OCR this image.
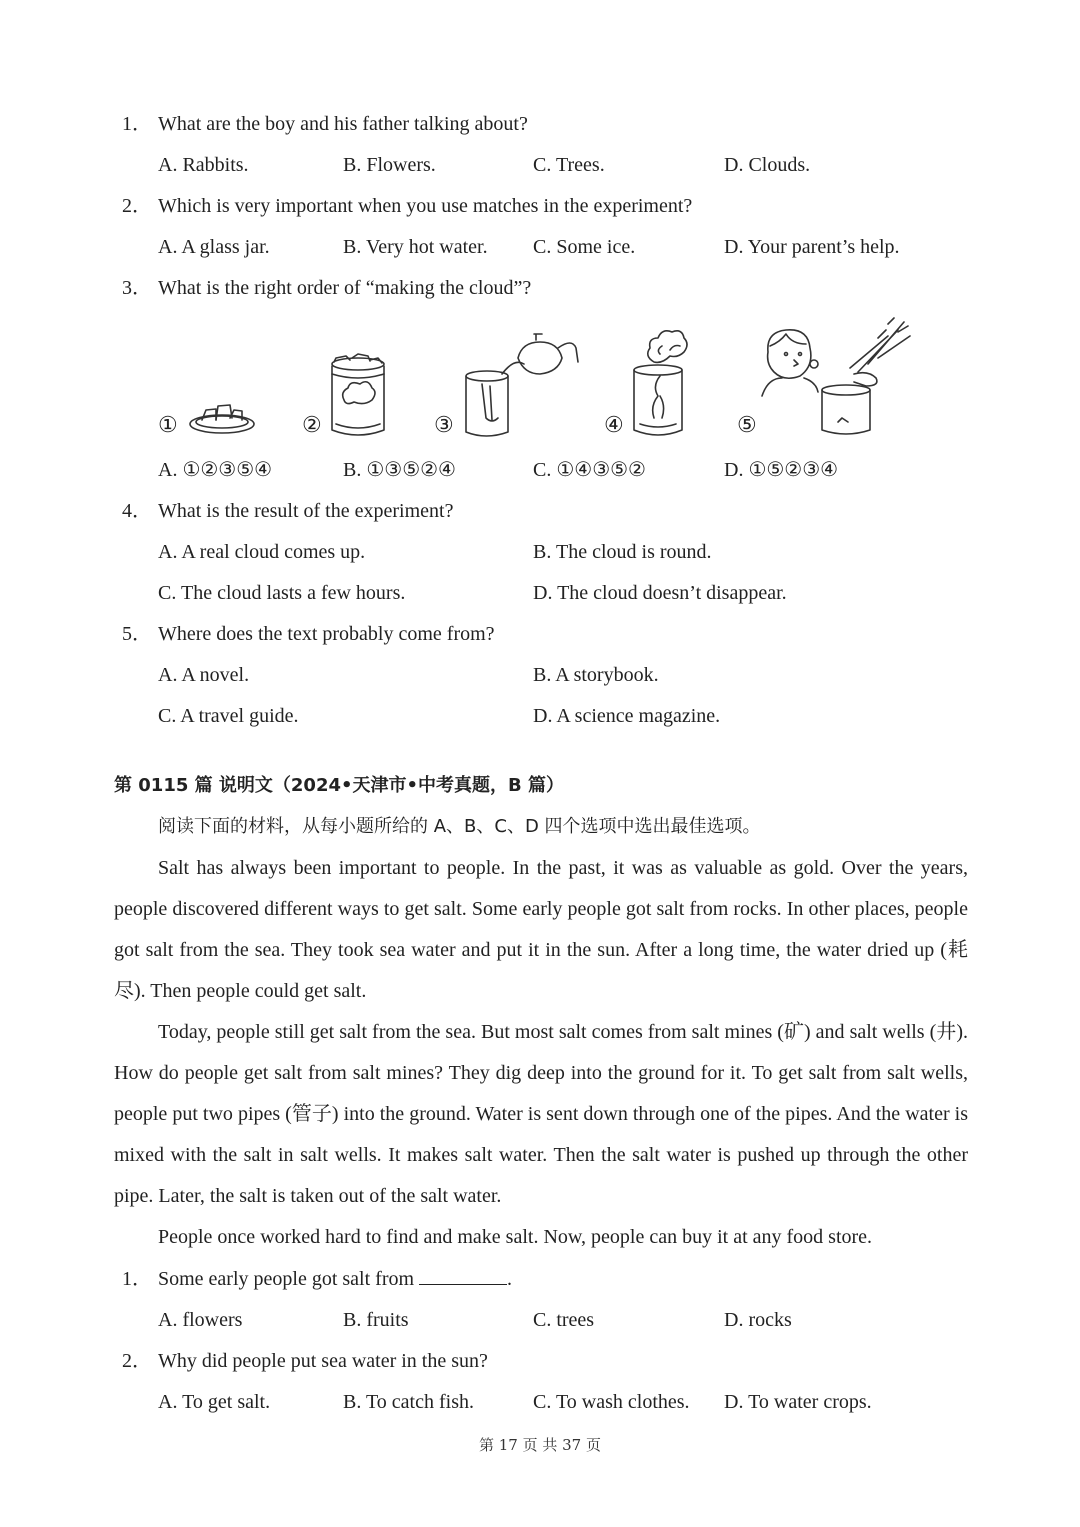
1． What are the boy and his father talking about?
A. Rabbits.	B. Flowers.	C. Trees.	D. Clouds.
2． Which is very important when you use matches in the experiment?
A. A glass jar.	B. Very hot water. C. Some ice.	D. Your parent’s help.
3． What is the right order of “making the cloud”?
①	②	③	④	⑤
A. ①②③⑤④	B. ①③⑤②④	C. ①④③⑤②	D. ①⑤②③④
4． What is the result of the experiment?
A. A real cloud comes up.	B. The cloud is round.
C. The cloud lasts a few hours.	D. The cloud doesn’t disappear.
5． Where does the text probably come from?
A. A novel.	B. A storybook.
C. A travel guide.	D. A science magazine.
第 0115 篇 说明文（2024•天津市•中考真题，B 篇）
阅读下面的材料，从每小题所给的 A、B、C、D 四个选项中选出最佳选项。

Salt has always been important to people. In the past, it was as valuable as gold. Over the years, people discovered different ways to get salt. Some early people got salt from rocks. In other places, people got salt from the sea. They took sea water and put it in the sun. After a long time, the water dried up (耗尽). Then people could get salt.

Today, people still get salt from the sea. But most salt comes from salt mines (矿) and salt wells (井). How do people get salt from salt mines? They dig deep into the ground for it. To get salt from salt wells, people put two pipes (管子) into the ground. Water is sent down through one of the pipes. And the water is mixed with the salt in salt wells. It makes salt water. Then the salt water is pushed up through the other pipe. Later, the salt is taken out of the salt water.

People once worked hard to find and make salt. Now, people can buy it at any food store.

1． Some early people got salt from	.
A. flowers	B. fruits	C. trees	D. rocks
2． Why did people put sea water in the sun?
A. To get salt.	B. To catch fish.	C. To wash clothes. D. To water crops.
第 17 页 共 37 页
